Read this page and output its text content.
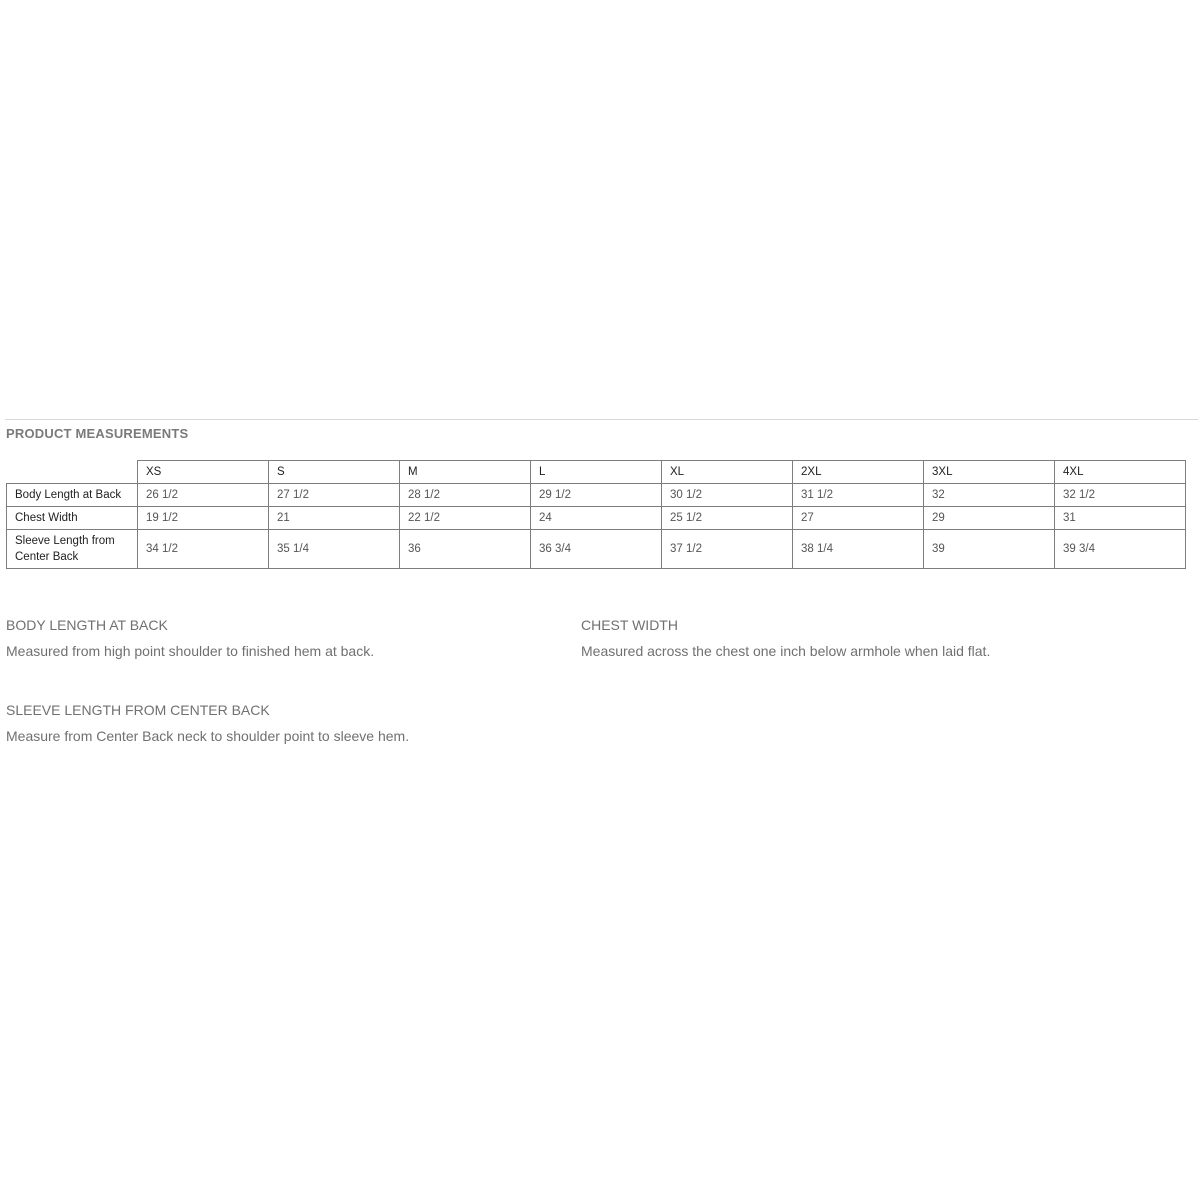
PRODUCT MEASUREMENTS
	XS	S	M	L	XL	2XL	3XL	4XL
Body Length at Back	26 1/2	27 1/2	28 1/2	29 1/2	30 1/2	31 1/2	32	32 1/2
Chest Width	19 1/2	21	22 1/2	24	25 1/2	27	29	31
Sleeve Length from Center Back	34 1/2	35 1/4	36	36 3/4	37 1/2	38 1/4	39	39 3/4
BODY LENGTH AT BACK
Measured from high point shoulder to finished hem at back.
CHEST WIDTH
Measured across the chest one inch below armhole when laid flat.
SLEEVE LENGTH FROM CENTER BACK
Measure from Center Back neck to shoulder point to sleeve hem.
